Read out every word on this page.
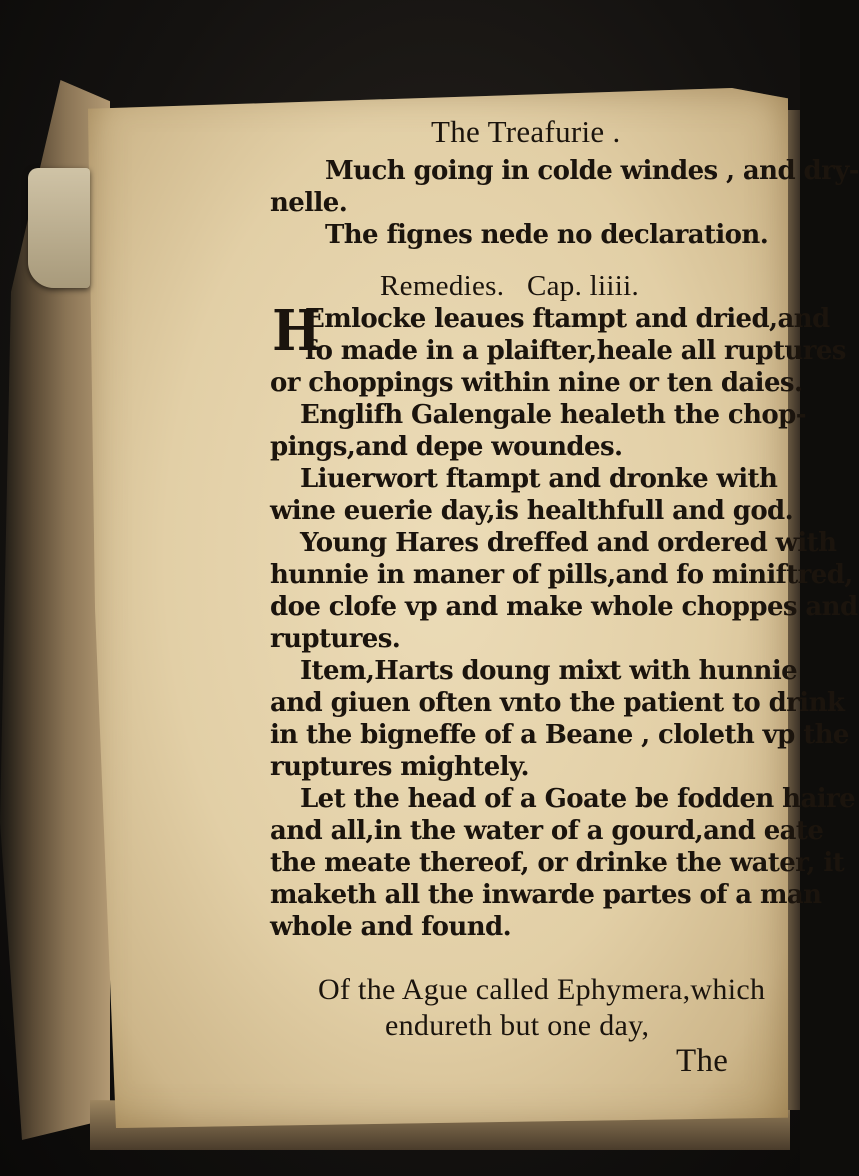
The Treafurie .
Much going in colde windes , and dry-
nelle.
The fignes nede no declaration.
Remedies.   Cap. liiii.
H
Emlocke leaues ftampt and dried,and
fo made in a plaifter,heale all ruptures
or choppings within nine or ten daies.
Englifh Galengale healeth the chop-
pings,and depe woundes.
Liuerwort ftampt and dronke with
wine euerie day,is healthfull and god.
Young Hares dreffed and ordered with
hunnie in maner of pills,and fo miniftred,
doe clofe vp and make whole choppes and
ruptures.
Item,Harts doung mixt with hunnie
and giuen often vnto the patient to drink
in the bigneffe of a Beane , cloleth vp the
ruptures mightely.
Let the head of a Goate be fodden haire
and all,in the water of a gourd,and eate
the meate thereof, or drinke the water, it
maketh all the inwarde partes of a man
whole and found.
Of the Ague called Ephymera,which
endureth but one day,
The
